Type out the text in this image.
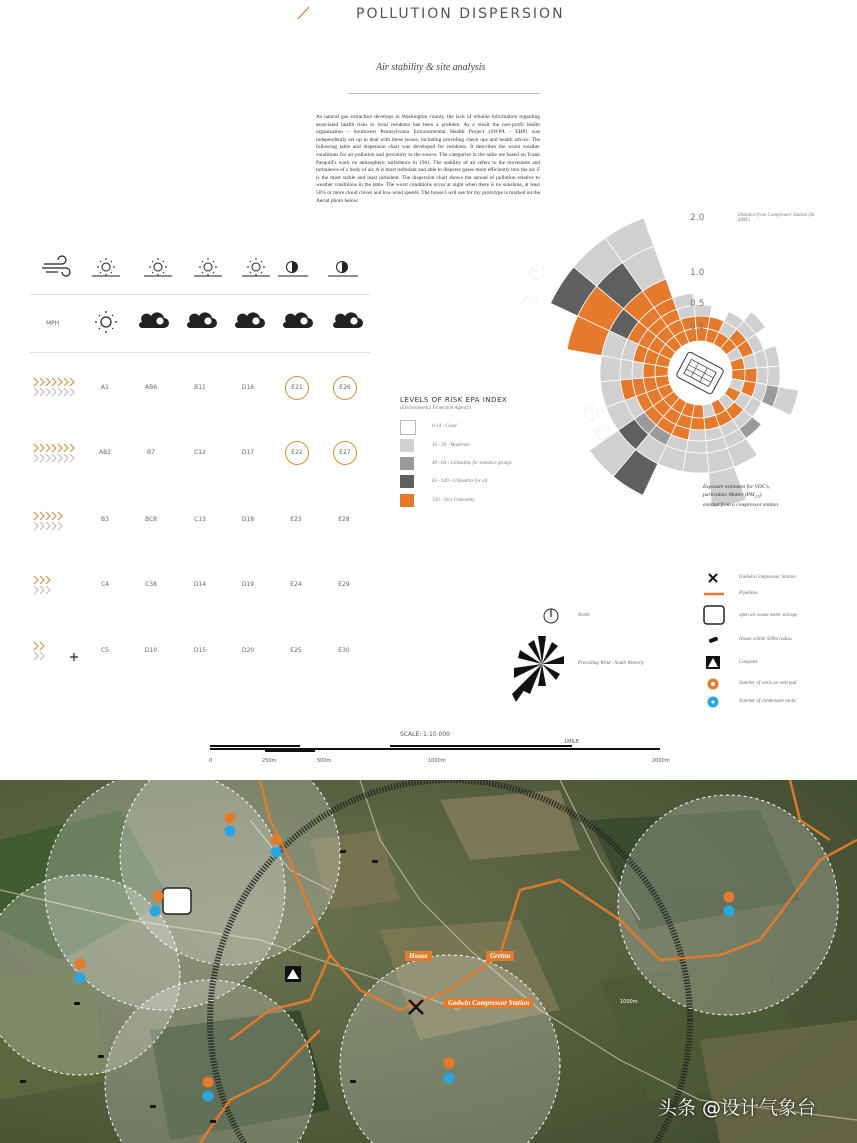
POLLUTION DISPERSION
Air stability & site analysis
As natural gas extraction develops in Washington county, the lack of reliable information regarding associated health risks to local residents has been a problem. As a result the non-profit health organization - Southwest Pennsylvania Environmental Health Project (SWPA - EHP) was independently set up to deal with these issues, including providing check ups and health advice. The following table and dispersion chart was developed for residents. It describes the worst weather conditions for air pollution and proximity to the source. The categories in the table are based on Frank Pasquill's work on atmospheric turbulence in 1961. The stability of air refers to the movement and turbulence of a body of air. A is most turbulant and able to disperse gases more efficiently into the air. F is the most stable and least turbulent. The dispersion chart shows the spread of pollution relative to weather conditions in the table. The worst conditions occur at night when there is no sunshine, at least 50% or more cloud clover and low wind speeds. The house I will use for my prototype is marked on the Aerial photo below.
MPH
A1	AB6	B11	D16	E21	E26
AB2	B7	C12	D17	E22	E27
B3	BC8	C13	D18	E23	E28
C4	C38	D14	D19	E24	E29
C5	D10	D15	D20	E25	E30
LEVELS OF RISK EPA INDEX
(Environmental Protection Agency)
0-14 - Good
16 - 39 - Moderate
40 - 64 - Unhealthy for sensitive groups
65 - 149 - Unhealthy for all
150 - Very Unhealthy
E21
E26
E22
E27
2.0
1.0
0.5
0.1
Distance from Compressor Station (In KMS)
Exposure estimates for VOC's,
particulate Matter $(PM_{2.5})$
emitted from a compressor station
North
Prevailing Wind - South Westerly
Gadwin Compressor Station
Pipelines
open air waste water storage
House within 500m radius
Campsite
Number of wells on well pad
Number of condensate tanks
SCALE: 1:10 000
1MILE
0	250m	500m	1000m	2000m
House	Gretna
Godwin Compressor Station	1000m
头条 @设计气象台
